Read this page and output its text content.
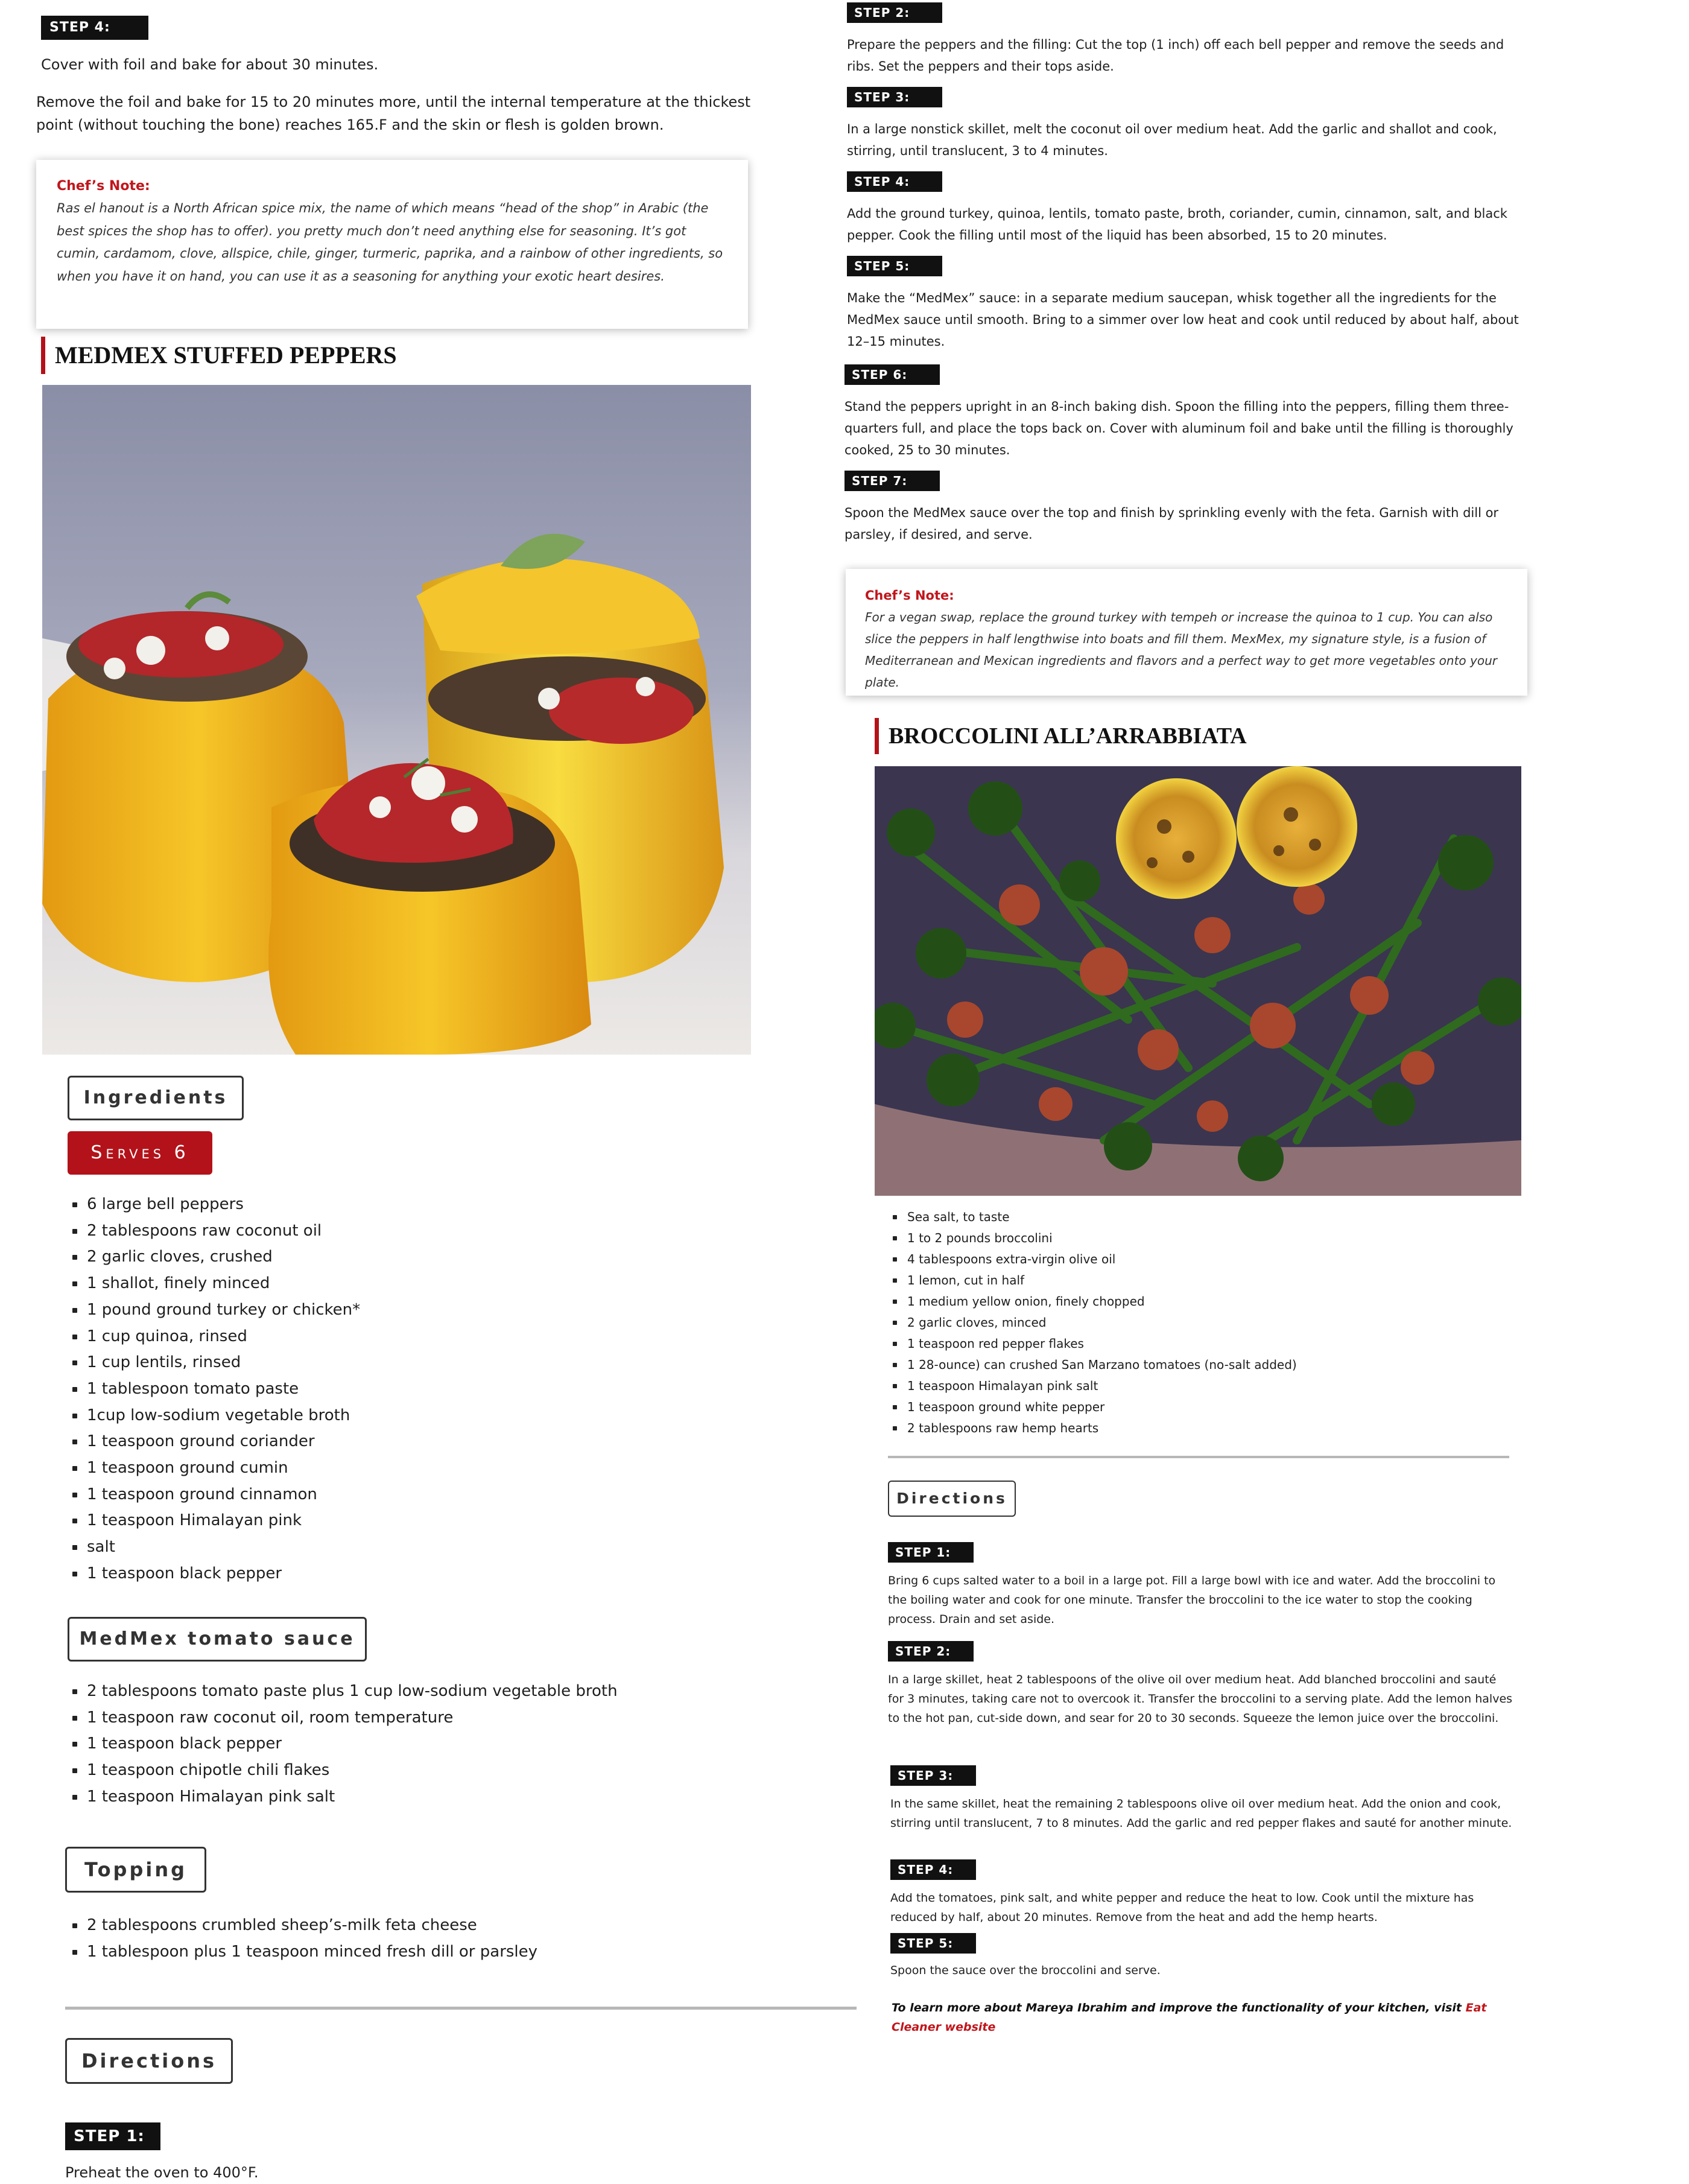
STEP 4:
Cover with foil and bake for about 30 minutes.
Remove the foil and bake for 15 to 20 minutes more, until the internal temperature at the thickest point (without touching the bone) reaches 165.F and the skin or flesh is golden brown.
Chef’s Note:
Ras el hanout is a North African spice mix, the name of which means “head of the shop” in Arabic (the best spices the shop has to offer). you pretty much don’t need anything else for seasoning. It’s got cumin, cardamom, clove, allspice, chile, ginger, turmeric, paprika, and a rainbow of other ingredients, so when you have it on hand, you can use it as a seasoning for anything your exotic heart desires.
MEDMEX STUFFED PEPPERS
Ingredients
Serves 6
6 large bell peppers
2 tablespoons raw coconut oil
2 garlic cloves, crushed
1 shallot, finely minced
1 pound ground turkey or chicken*
1 cup quinoa, rinsed
1 cup lentils, rinsed
1 tablespoon tomato paste
1cup low-sodium vegetable broth
1 teaspoon ground coriander
1 teaspoon ground cumin
1 teaspoon ground cinnamon
1 teaspoon Himalayan pink
salt
1 teaspoon black pepper
MedMex tomato sauce
2 tablespoons tomato paste plus 1 cup low-sodium vegetable broth
1 teaspoon raw coconut oil, room temperature
1 teaspoon black pepper
1 teaspoon chipotle chili flakes
1 teaspoon Himalayan pink salt
Topping
2 tablespoons crumbled sheep’s-milk feta cheese
1 tablespoon plus 1 teaspoon minced fresh dill or parsley
Directions
STEP 1:
Preheat the oven to 400°F.
STEP 2:
Prepare the peppers and the filling: Cut the top (1 inch) off each bell pepper and remove the seeds and ribs. Set the peppers and their tops aside.
STEP 3:
In a large nonstick skillet, melt the coconut oil over medium heat. Add the garlic and shallot and cook, stirring, until translucent, 3 to 4 minutes.
STEP 4:
Add the ground turkey, quinoa, lentils, tomato paste, broth, coriander, cumin, cinnamon, salt, and black pepper. Cook the filling until most of the liquid has been absorbed, 15 to 20 minutes.
STEP 5:
Make the “MedMex” sauce: in a separate medium saucepan, whisk together all the ingredients for the MedMex sauce until smooth. Bring to a simmer over low heat and cook until reduced by about half, about 12–15 minutes.
STEP 6:
Stand the peppers upright in an 8-inch baking dish. Spoon the filling into the peppers, filling them three-quarters full, and place the tops back on. Cover with aluminum foil and bake until the filling is thoroughly cooked, 25 to 30 minutes.
STEP 7:
Spoon the MedMex sauce over the top and finish by sprinkling evenly with the feta. Garnish with dill or parsley, if desired, and serve.
Chef’s Note:
For a vegan swap, replace the ground turkey with tempeh or increase the quinoa to 1 cup. You can also slice the peppers in half lengthwise into boats and fill them. MexMex, my signature style, is a fusion of Mediterranean and Mexican ingredients and flavors and a perfect way to get more vegetables onto your plate.
BROCCOLINI ALL’ARRABBIATA
Sea salt, to taste
1 to 2 pounds broccolini
4 tablespoons extra-virgin olive oil
1 lemon, cut in half
1 medium yellow onion, finely chopped
2 garlic cloves, minced
1 teaspoon red pepper flakes
1 28-ounce) can crushed San Marzano tomatoes (no-salt added)
1 teaspoon Himalayan pink salt
1 teaspoon ground white pepper
2 tablespoons raw hemp hearts
Directions
STEP 1:
Bring 6 cups salted water to a boil in a large pot. Fill a large bowl with ice and water. Add the broccolini to the boiling water and cook for one minute. Transfer the broccolini to the ice water to stop the cooking process. Drain and set aside.
STEP 2:
In a large skillet, heat 2 tablespoons of the olive oil over medium heat. Add blanched broccolini and sauté for 3 minutes, taking care not to overcook it. Transfer the broccolini to a serving plate. Add the lemon halves to the hot pan, cut-side down, and sear for 20 to 30 seconds. Squeeze the lemon juice over the broccolini.
STEP 3:
In the same skillet, heat the remaining 2 tablespoons olive oil over medium heat. Add the onion and cook, stirring until translucent, 7 to 8 minutes. Add the garlic and red pepper flakes and sauté for another minute.
STEP 4:
Add the tomatoes, pink salt, and white pepper and reduce the heat to low. Cook until the mixture has reduced by half, about 20 minutes. Remove from the heat and add the hemp hearts.
STEP 5:
Spoon the sauce over the broccolini and serve.
To learn more about Mareya Ibrahim and improve the functionality of your kitchen, visit Eat Cleaner website
